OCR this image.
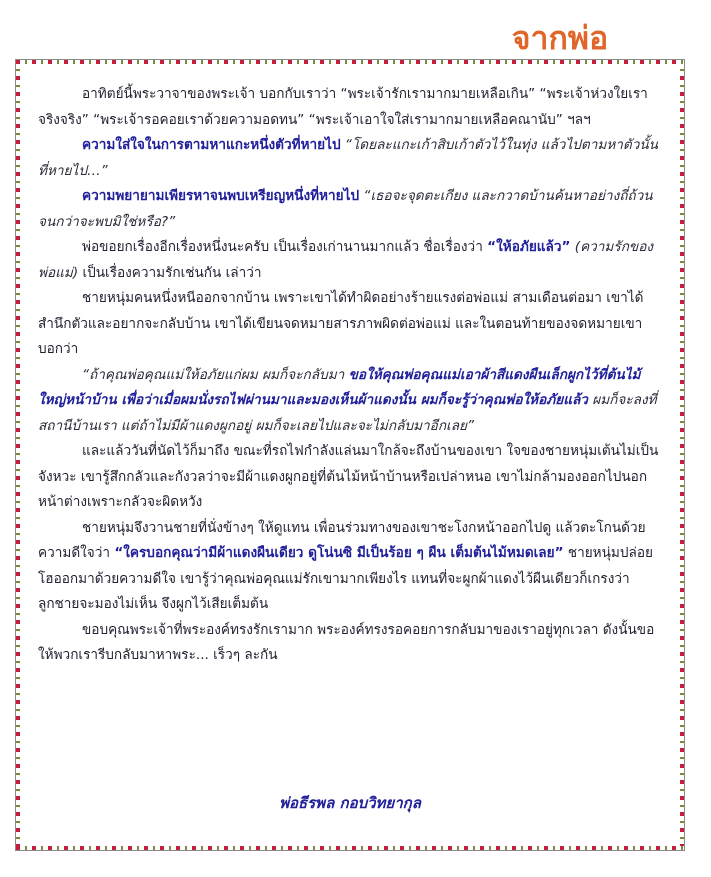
จากพ่อ

อาทิตย์นี้พระวาจาของพระเจ้า บอกกับเราว่า “พระเจ้ารักเรามากมายเหลือเกิน” “พระเจ้าห่วงใยเราจริงจริง” “พระเจ้ารอคอยเราด้วยความอดทน” “พระเจ้าเอาใจใส่เรามากมายเหลือคณานับ” ฯลฯ

ความใส่ใจในการตามหาแกะหนึ่งตัวที่หายไป “โดยละแกะเก้าสิบเก้าตัวไว้ในทุ่ง แล้วไปตามหาตัวนั้นที่หายไป…”

ความพยายามเพียรหาจนพบเหรียญหนึ่งที่หายไป “เธอจะจุดตะเกียง และกวาดบ้านค้นหาอย่างถี่ถ้วน จนกว่าจะพบมิใช่หรือ?”

พ่อขอยกเรื่องอีกเรื่องหนึ่งนะครับ เป็นเรื่องเก่านานมากแล้ว ชื่อเรื่องว่า “ให้อภัยแล้ว” (ความรักของพ่อแม่) เป็นเรื่องความรักเช่นกัน เล่าว่า

ชายหนุ่มคนหนึ่งหนีออกจากบ้าน เพราะเขาได้ทำผิดอย่างร้ายแรงต่อพ่อแม่ สามเดือนต่อมา เขาได้สำนึกตัวและอยากจะกลับบ้าน เขาได้เขียนจดหมายสารภาพผิดต่อพ่อแม่ และในตอนท้ายของจดหมายเขาบอกว่า

“ถ้าคุณพ่อคุณแม่ให้อภัยแก่ผม ผมก็จะกลับมา ขอให้คุณพ่อคุณแม่เอาผ้าสีแดงผืนเล็กผูกไว้ที่ต้นไม้ใหญ่หน้าบ้าน เพื่อว่าเมื่อผมนั่งรถไฟผ่านมาและมองเห็นผ้าแดงนั้น ผมก็จะรู้ว่าคุณพ่อให้อภัยแล้ว ผมก็จะลงที่สถานีบ้านเรา แต่ถ้าไม่มีผ้าแดงผูกอยู่ ผมก็จะเลยไปและจะไม่กลับมาอีกเลย”

และแล้ววันที่นัดไว้ก็มาถึง ขณะที่รถไฟกำลังแล่นมาใกล้จะถึงบ้านของเขา ใจของชายหนุ่มเต้นไม่เป็นจังหวะ เขารู้สึกกลัวและกังวลว่าจะมีผ้าแดงผูกอยู่ที่ต้นไม้หน้าบ้านหรือเปล่าหนอ เขาไม่กล้ามองออกไปนอกหน้าต่างเพราะกลัวจะผิดหวัง

ชายหนุ่มจึงวานชายที่นั่งข้างๆ ให้ดูแทน เพื่อนร่วมทางของเขาชะโงกหน้าออกไปดู แล้วตะโกนด้วยความดีใจว่า “ใครบอกคุณว่ามีผ้าแดงผืนเดียว ดูโน่นซิ มีเป็นร้อย ๆ ผืน เต็มต้นไม้หมดเลย” ชายหนุ่มปล่อยโฮออกมาด้วยความดีใจ เขารู้ว่าคุณพ่อคุณแม่รักเขามากเพียงไร แทนที่จะผูกผ้าแดงไว้ผืนเดียวก็เกรงว่าลูกชายจะมองไม่เห็น จึงผูกไว้เสียเต็มต้น

ขอบคุณพระเจ้าที่พระองค์ทรงรักเรามาก พระองค์ทรงรอคอยการกลับมาของเราอยู่ทุกเวลา ดังนั้นขอให้พวกเรารีบกลับมาหาพระ... เร็วๆ ละกัน

พ่อธีรพล กอบวิทยากุล
